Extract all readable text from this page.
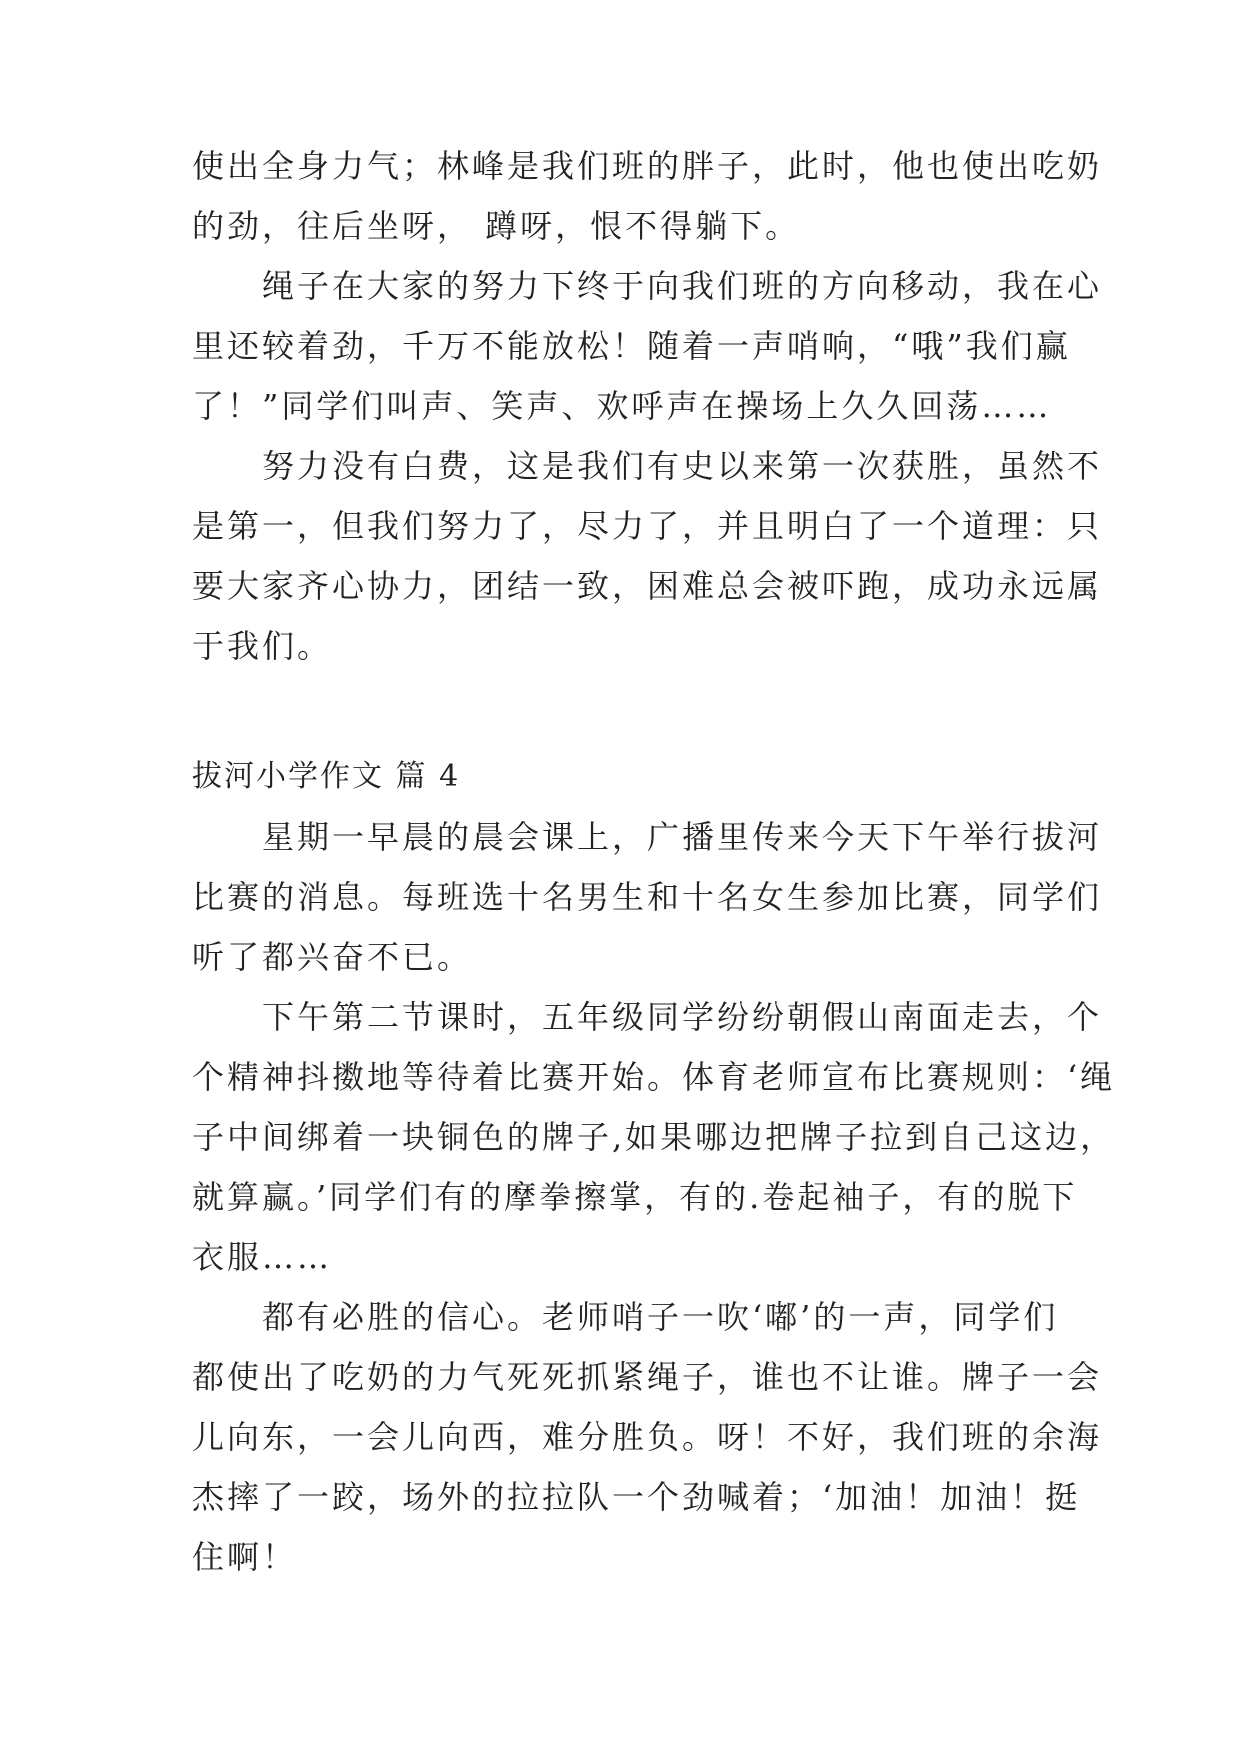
使出全身力气；林峰是我们班的胖子，此时，他也使出吃奶
的劲，往后坐呀， 蹲呀，恨不得躺下。
　　绳子在大家的努力下终于向我们班的方向移动，我在心
里还较着劲，千万不能放松！随着一声哨响，“哦”我们赢
了！”同学们叫声、笑声、欢呼声在操场上久久回荡……
　　努力没有白费，这是我们有史以来第一次获胜，虽然不
是第一，但我们努力了，尽力了，并且明白了一个道理：只
要大家齐心协力，团结一致，困难总会被吓跑，成功永远属
于我们。
拔河小学作文 篇 4
　　星期一早晨的晨会课上，广播里传来今天下午举行拔河
比赛的消息。每班选十名男生和十名女生参加比赛，同学们
听了都兴奋不已。
　　下午第二节课时，五年级同学纷纷朝假山南面走去，个
个精神抖擞地等待着比赛开始。体育老师宣布比赛规则：‘绳
子中间绑着一块铜色的牌子,如果哪边把牌子拉到自己这边，
就算赢。’同学们有的摩拳擦掌，有的.卷起袖子，有的脱下
衣服……
　　都有必胜的信心。老师哨子一吹‘嘟’的一声，同学们
都使出了吃奶的力气死死抓紧绳子，谁也不让谁。牌子一会
儿向东，一会儿向西，难分胜负。呀！不好，我们班的余海
杰摔了一跤，场外的拉拉队一个劲喊着；‘加油！加油！挺
住啊！
